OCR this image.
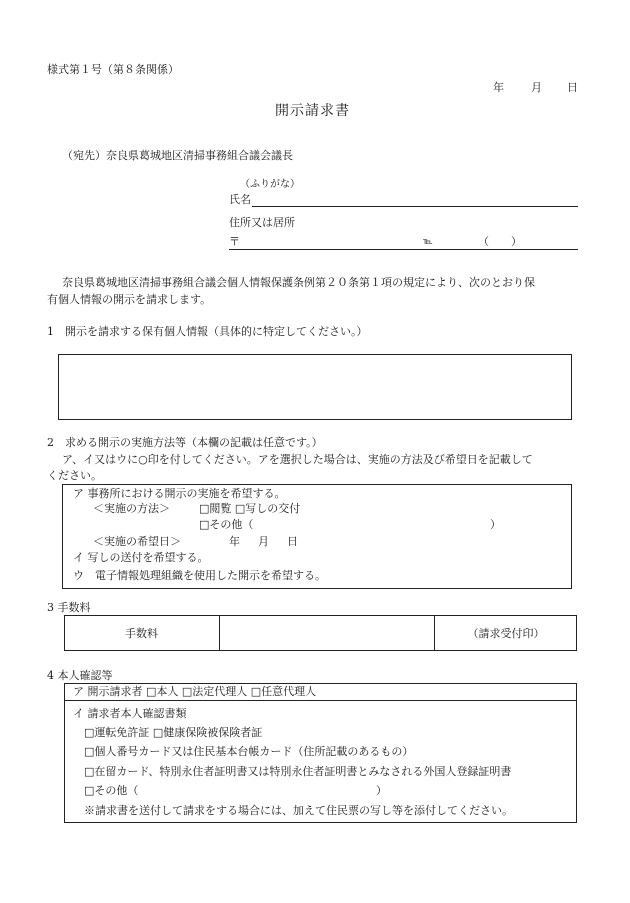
様式第１号（第８条関係）
年 月 日
開示請求書
（宛先）奈良県葛城地区清掃事務組合議会議長
（ふりがな）
氏名
住所又は居所
〒	℡	（　　）
奈良県葛城地区清掃事務組合議会個人情報保護条例第２０条第１項の規定により、次のとおり保
有個人情報の開示を請求します。
1　開示を請求する保有個人情報（具体的に特定してください。）
2　求める開示の実施方法等（本欄の記載は任意です。）
ア、イ又はウに○印を付してください。アを選択した場合は、実施の方法及び希望日を記載して
ください。
ア 事務所における開示の実施を希望する。
＜実施の方法＞	□閲覧 □写しの交付
□その他（	）
＜実施の希望日＞	年 月 日
イ 写しの送付を希望する。
ウ　電子情報処理組織を使用した開示を希望する。
3 手数料
手数料	（請求受付印）
4 本人確認等
ア 開示請求者 □本人 □法定代理人 □任意代理人
イ 請求者本人確認書類
□運転免許証 □健康保険被保険者証
□個人番号カード又は住民基本台帳カード（住所記載のあるもの）
□在留カード、特別永住者証明書又は特別永住者証明書とみなされる外国人登録証明書
□その他（	）
※請求書を送付して請求をする場合には、加えて住民票の写し等を添付してください。
